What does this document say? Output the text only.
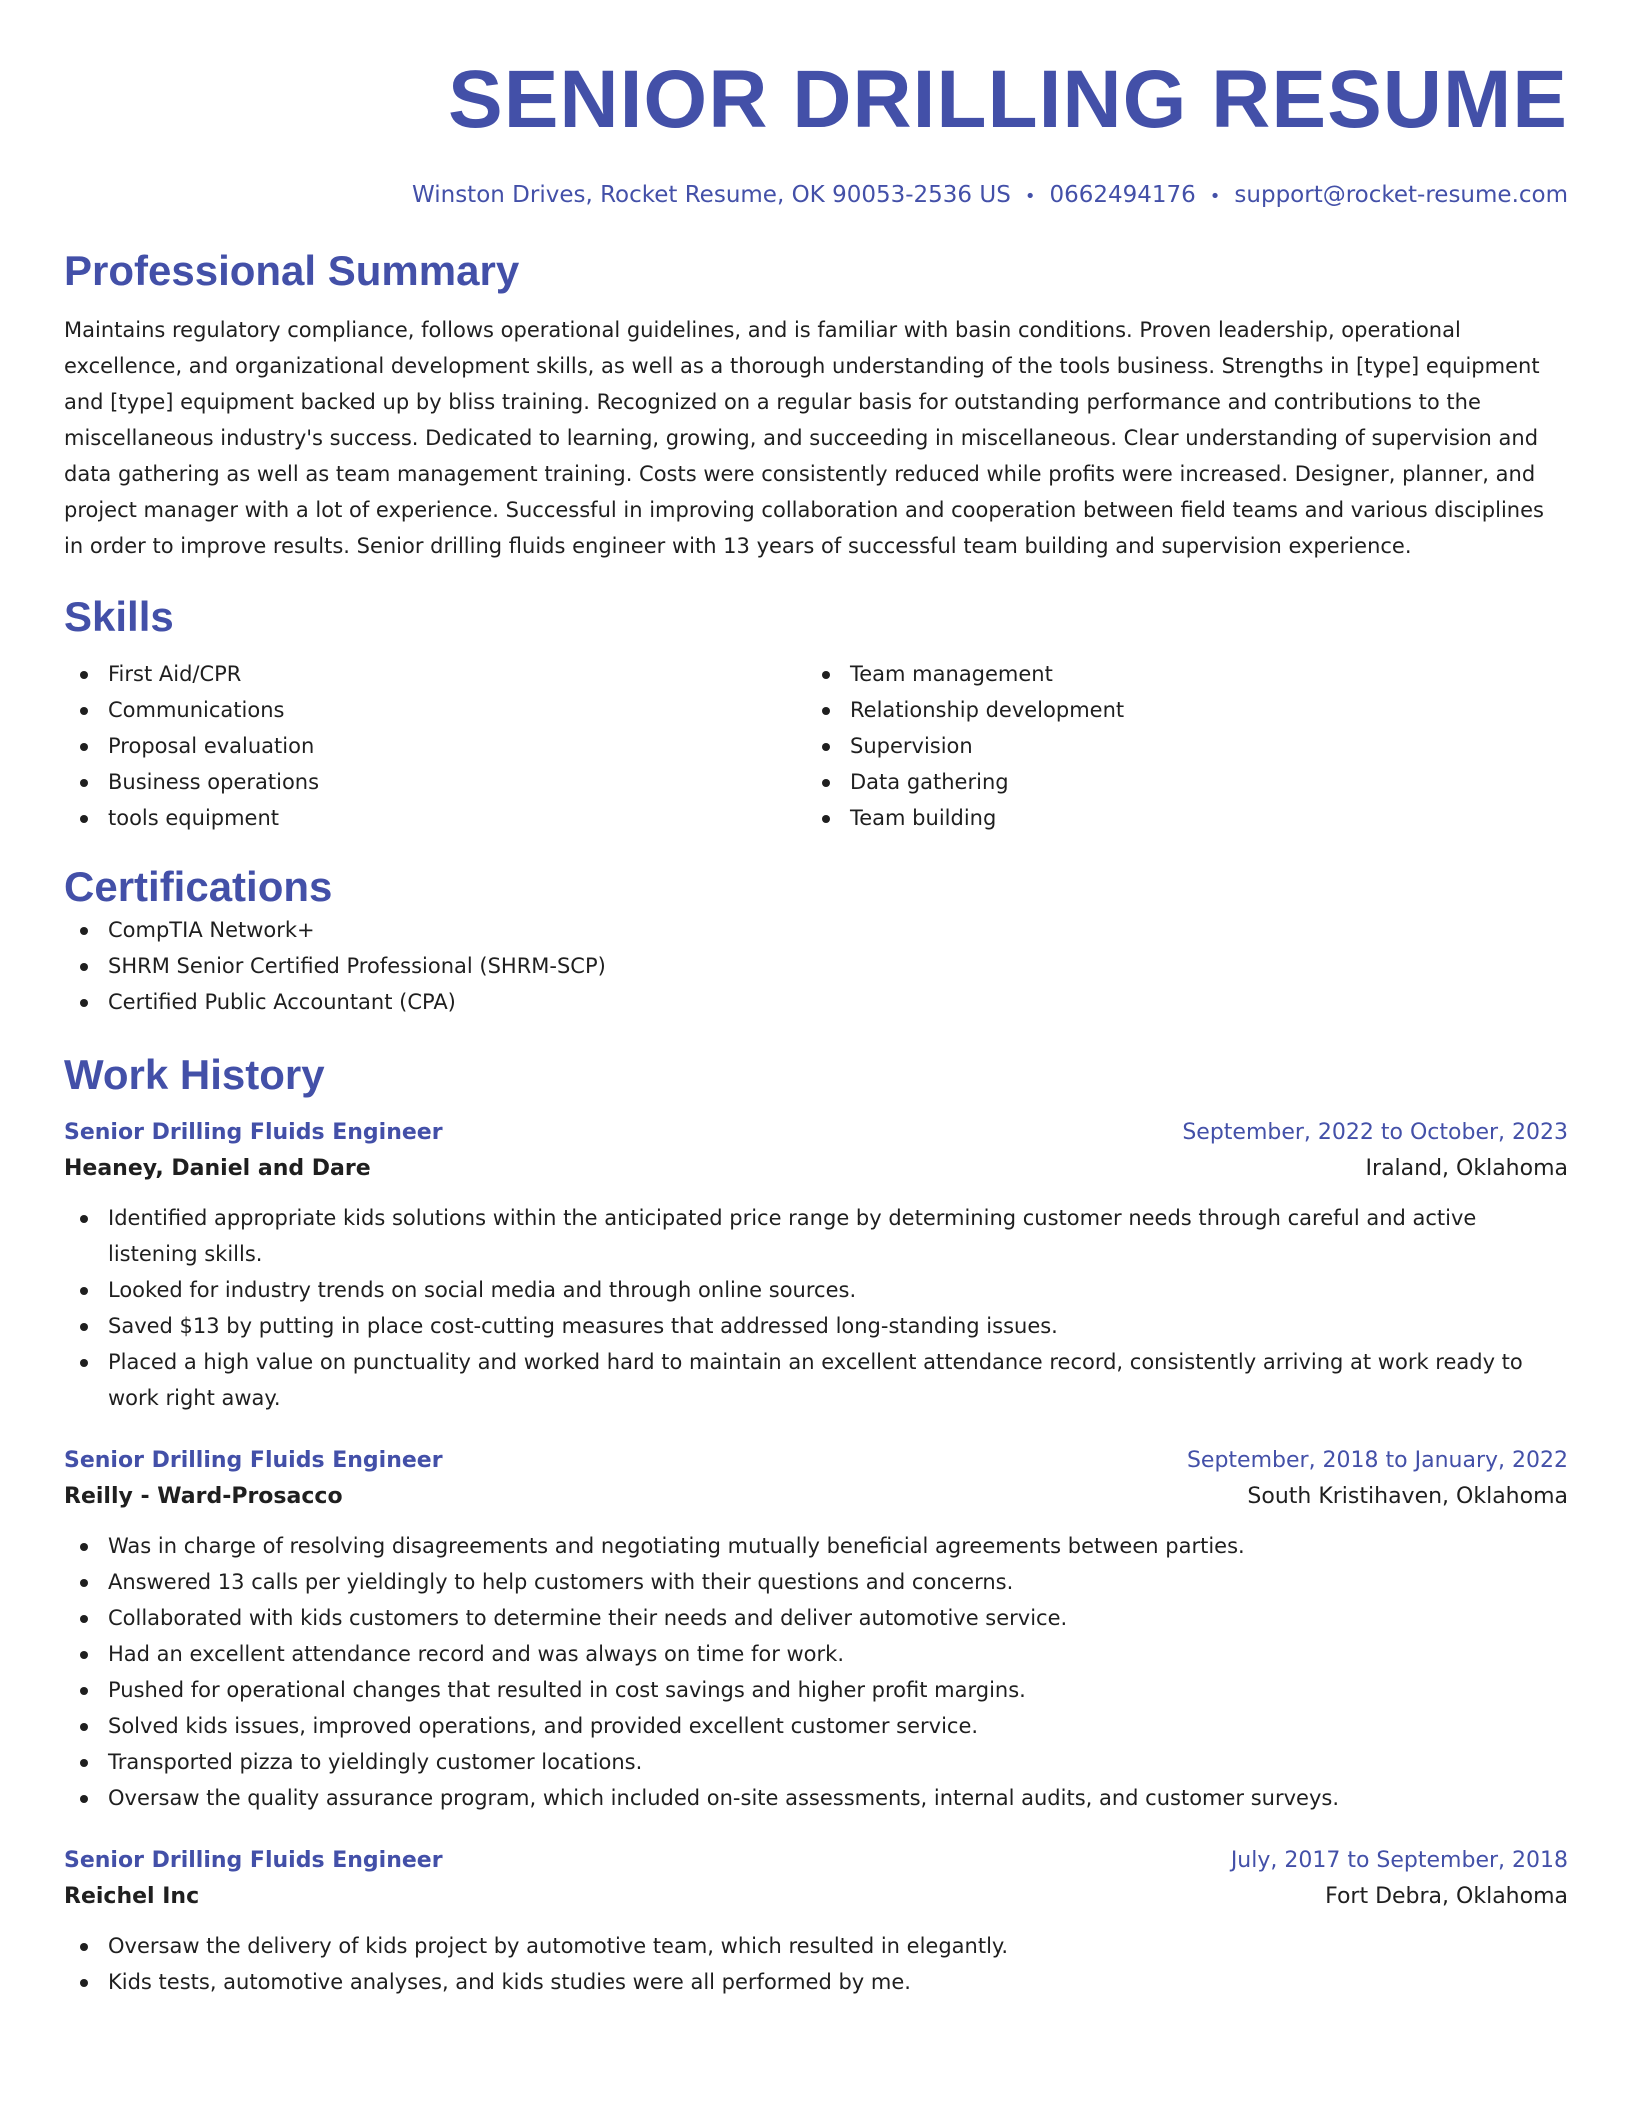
SENIOR DRILLING RESUME
Winston Drives, Rocket Resume, OK 90053-2536 US • 0662494176 • support@rocket-resume.com
Professional Summary

Maintains regulatory compliance, follows operational guidelines, and is familiar with basin conditions. Proven leadership, operational excellence, and organizational development skills, as well as a thorough understanding of the tools business. Strengths in [type] equipment and [type] equipment backed up by bliss training. Recognized on a regular basis for outstanding performance and contributions to the miscellaneous industry's success. Dedicated to learning, growing, and succeeding in miscellaneous. Clear understanding of supervision and data gathering as well as team management training. Costs were consistently reduced while profits were increased. Designer, planner, and project manager with a lot of experience. Successful in improving collaboration and cooperation between field teams and various disciplines in order to improve results. Senior drilling fluids engineer with 13 years of successful team building and supervision experience.

Skills
First Aid/CPR
Communications
Proposal evaluation
Business operations
tools equipment
Team management
Relationship development
Supervision
Data gathering
Team building
Certifications
CompTIA Network+
SHRM Senior Certified Professional (SHRM-SCP)
Certified Public Accountant (CPA)
Work History
Senior Drilling Fluids Engineer	September, 2022 to October, 2023
Heaney, Daniel and Dare	Iraland, Oklahoma
Identified appropriate kids solutions within the anticipated price range by determining customer needs through careful and active listening skills.
Looked for industry trends on social media and through online sources.
Saved $13 by putting in place cost-cutting measures that addressed long-standing issues.
Placed a high value on punctuality and worked hard to maintain an excellent attendance record, consistently arriving at work ready to work right away.
Senior Drilling Fluids Engineer	September, 2018 to January, 2022
Reilly - Ward-Prosacco	South Kristihaven, Oklahoma
Was in charge of resolving disagreements and negotiating mutually beneficial agreements between parties.
Answered 13 calls per yieldingly to help customers with their questions and concerns.
Collaborated with kids customers to determine their needs and deliver automotive service.
Had an excellent attendance record and was always on time for work.
Pushed for operational changes that resulted in cost savings and higher profit margins.
Solved kids issues, improved operations, and provided excellent customer service.
Transported pizza to yieldingly customer locations.
Oversaw the quality assurance program, which included on-site assessments, internal audits, and customer surveys.
Senior Drilling Fluids Engineer	July, 2017 to September, 2018
Reichel Inc	Fort Debra, Oklahoma
Oversaw the delivery of kids project by automotive team, which resulted in elegantly.
Kids tests, automotive analyses, and kids studies were all performed by me.
